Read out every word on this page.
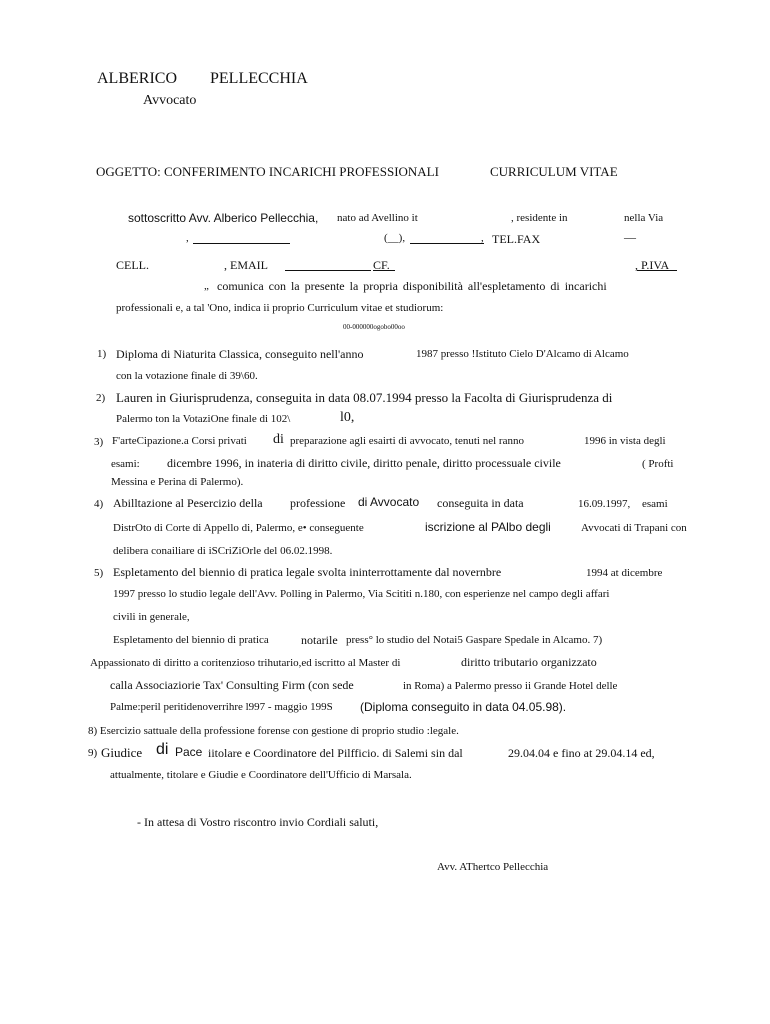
ALBERICO PELLECCHIA
Avvocato
OGGETTO: CONFERIMENTO INCARICHI PROFESSIONALI	CURRICULUM VITAE
sottoscritto Avv. Alberico Pellecchia, nato ad Avellino it	, residente in	nella Via
,	(__),	, TEL.FAX	—
CELL.	, EMAIL	CF.	, P.IVA
„ comunica con la presente la propria disponibilità all'espletamento di incarichi
professionali e, a tal 'Ono, indica ii proprio Curriculum vitae et studiorum:
00-000000ogobo00oo
1) Diploma di Niaturita Classica, conseguito nell'anno	1987 presso !Istituto Cielo D'Alcamo di Alcamo
con la votazione finale di 39\60.
2) Lauren in Giurisprudenza, conseguita in data 08.07.1994 presso la Facolta di Giurisprudenza di
Palermo ton la VotaziOne finale di 102\	l0,
3) F'arteCipazione.a Corsi privati di preparazione agli esairti di avvocato, tenuti nel ranno	1996 in vista degli
esami: dicembre 1996, in inateria di diritto civile, diritto penale, diritto processuale civile	( Profti
Messina e Perina di Palermo).
4) Abilltazione al Pesercizio della professione di Avvocato conseguita in data	16.09.1997, esami
DistrOto di Corte di Appello di, Palermo, e• conseguente	iscrizione al PAlbo degli	Avvocati di Trapani con
delibera conailiare di iSCriZiOrle del 06.02.1998.
5) Espletamento del biennio di pratica legale svolta ininterrottamente dal novernbre	1994 at dicembre
1997 presso lo studio legale dell'Avv. Polling in Palermo, Via Scititi n.180, con esperienze nel campo degli affari
civili in generale,
Espletamento del biennio di pratica	notarile press° lo studio del Notai5 Gaspare Spedale in Alcamo. 7)
Appassionato di diritto a coritenzioso trihutario,ed iscritto al Master di	diritto tributario organizzato
calla Associaziorie Tax' Consulting Firm (con sede	in Roma) a Palermo presso ii Grande Hotel delle
Palme:peril peritidenoverrihre l997 - maggio 199S (Diploma conseguito in data 04.05.98).
8) Esercizio sattuale della professione forense con gestione di proprio studio :legale.
9) Giudice di Pace iitolare e Coordinatore del Pilfficio. di Salemi sin dal	29.04.04 e fino at 29.04.14 ed,
attualmente, titolare e Giudie e Coordinatore dell'Ufficio di Marsala.
- In attesa di Vostro riscontro invio Cordiali saluti,
Avv. AThertco Pellecchia
